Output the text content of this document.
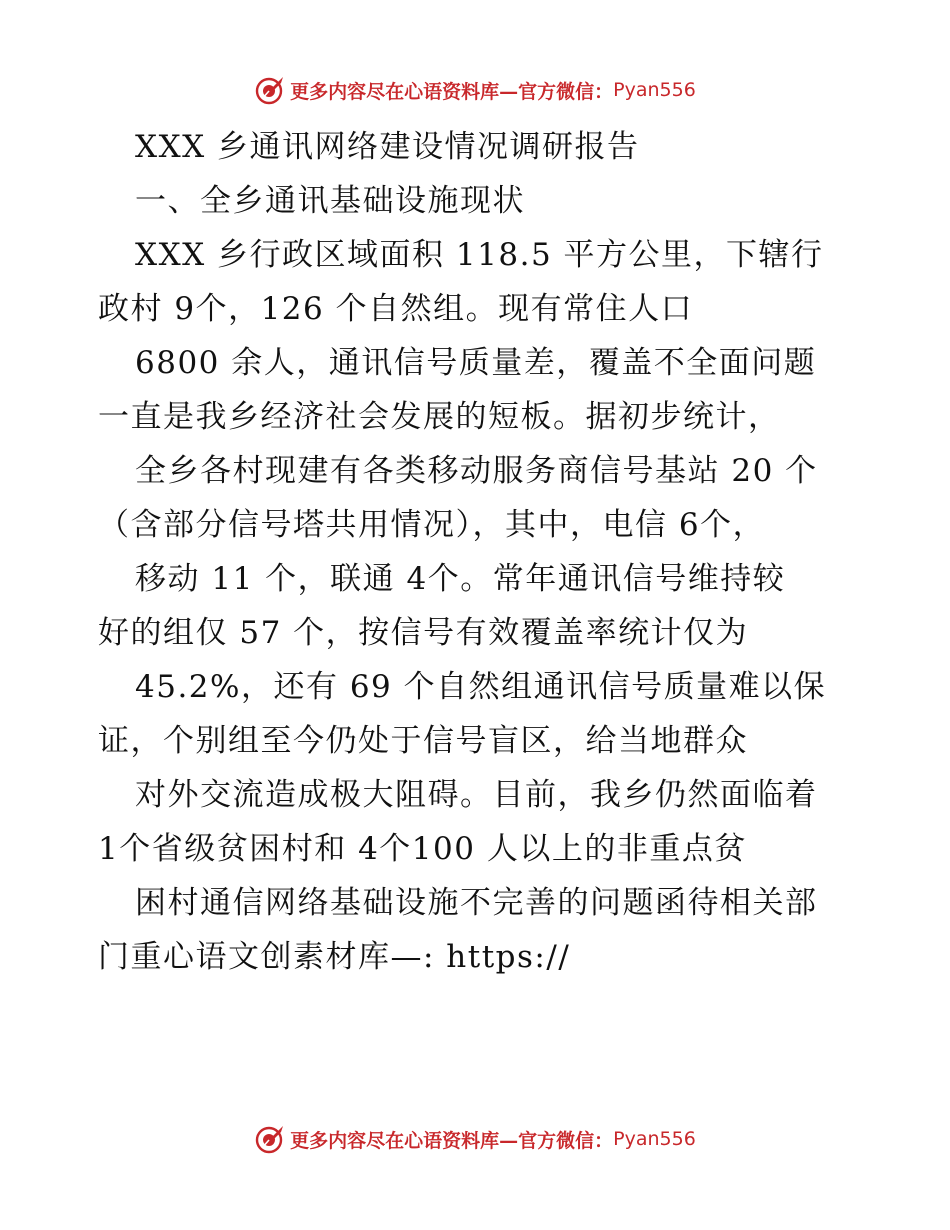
更多内容尽在心语资料库—官方微信： Pyan556
XXX 乡通讯网络建设情况调研报告
一、全乡通讯基础设施现状
XXX 乡行政区域面积 118.5 平方公里，下辖行
政村 9个，126 个自然组。现有常住人口
6800 余人，通讯信号质量差，覆盖不全面问题
一直是我乡经济社会发展的短板。据初步统计，
全乡各村现建有各类移动服务商信号基站 20 个
（含部分信号塔共用情况），其中，电信 6个，
移动 11 个，联通 4个。常年通讯信号维持较
好的组仅 57 个，按信号有效覆盖率统计仅为
45.2%，还有 69 个自然组通讯信号质量难以保
证，个别组至今仍处于信号盲区，给当地群众
对外交流造成极大阻碍。目前，我乡仍然面临着
1个省级贫困村和 4个100 人以上的非重点贫
困村通信网络基础设施不完善的问题函待相关部
门重心语文创素材库—: https://
更多内容尽在心语资料库—官方微信： Pyan556
